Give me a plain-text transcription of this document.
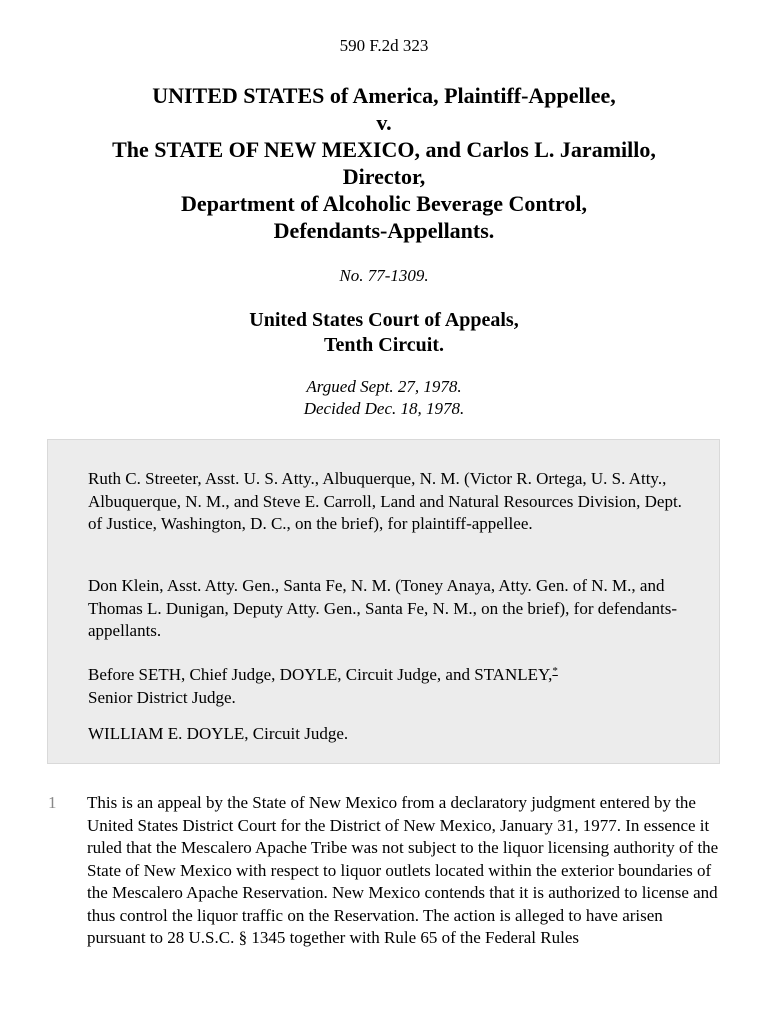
590 F.2d 323
UNITED STATES of America, Plaintiff-Appellee,
v.
The STATE OF NEW MEXICO, and Carlos L. Jaramillo,
Director,
Department of Alcoholic Beverage Control,
Defendants-Appellants.
No. 77-1309.
United States Court of Appeals,
Tenth Circuit.
Argued Sept. 27, 1978.
Decided Dec. 18, 1978.

Ruth C. Streeter, Asst. U. S. Atty., Albuquerque, N. M. (Victor R. Ortega, U. S. Atty., Albuquerque, N. M., and Steve E. Carroll, Land and Natural Resources Division, Dept. of Justice, Washington, D. C., on the brief), for plaintiff-appellee.

Don Klein, Asst. Atty. Gen., Santa Fe, N. M. (Toney Anaya, Atty. Gen. of N. M., and Thomas L. Dunigan, Deputy Atty. Gen., Santa Fe, N. M., on the brief), for defendants-appellants.

Before SETH, Chief Judge, DOYLE, Circuit Judge, and STANLEY,*
Senior District Judge.

WILLIAM E. DOYLE, Circuit Judge.

1 This is an appeal by the State of New Mexico from a declaratory judgment entered by the United States District Court for the District of New Mexico, January 31, 1977. In essence it ruled that the Mescalero Apache Tribe was not subject to the liquor licensing authority of the State of New Mexico with respect to liquor outlets located within the exterior boundaries of the Mescalero Apache Reservation. New Mexico contends that it is authorized to license and thus control the liquor traffic on the Reservation. The action is alleged to have arisen pursuant to 28 U.S.C. § 1345 together with Rule 65 of the Federal Rules
